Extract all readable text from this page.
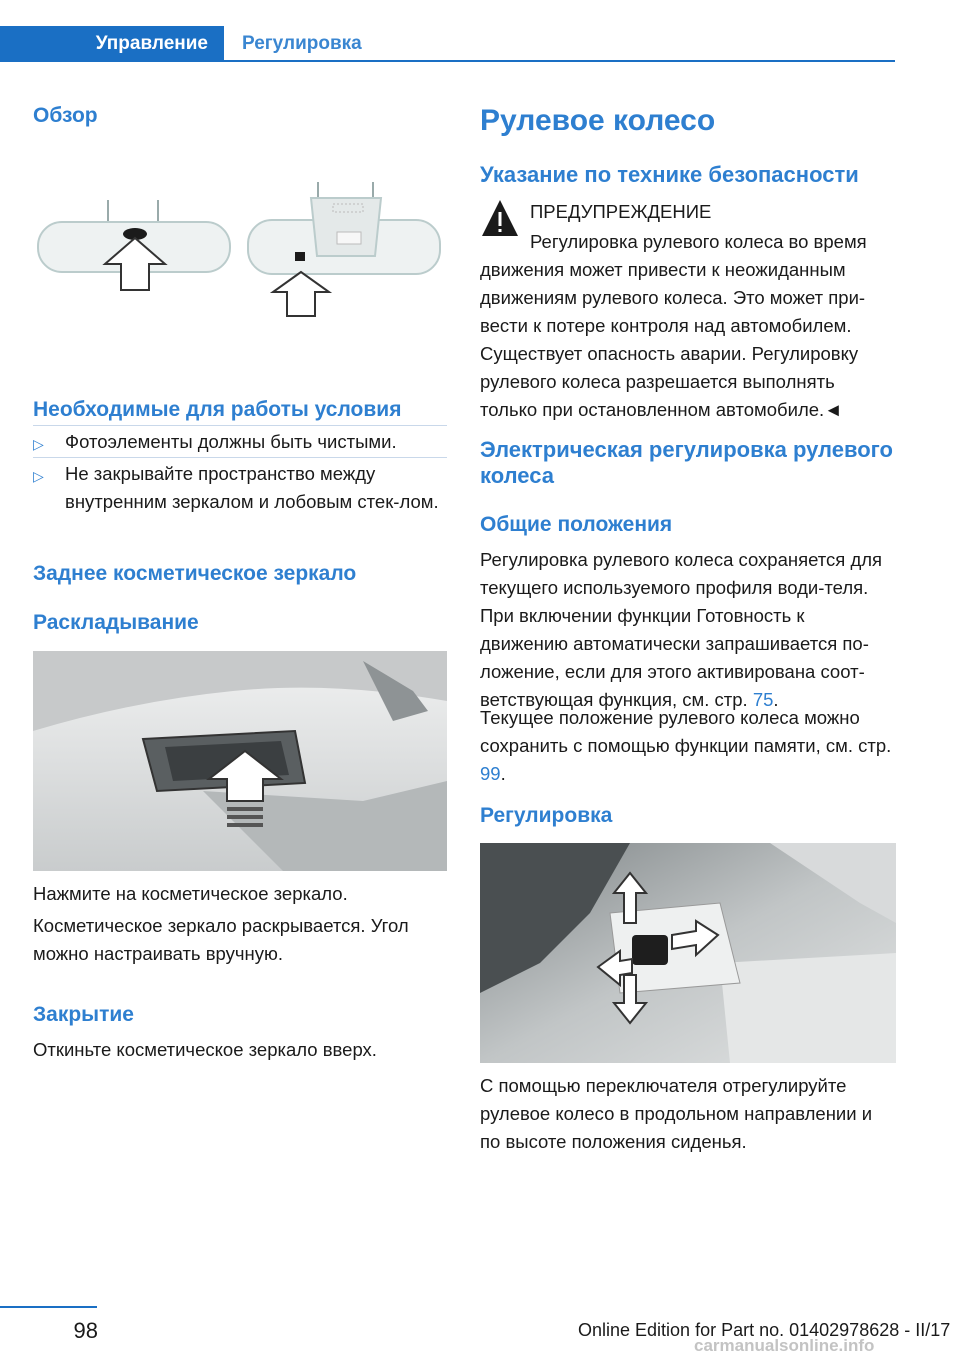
Управление Регулировка
Обзор
Необходимые для работы условия
▷ Фотоэлементы должны быть чистыми.
▷ Не закрывайте пространство между внутренним зеркалом и лобовым стек-лом.
Заднее косметическое зеркало
Раскладывание
Нажмите на косметическое зеркало.
Косметическое зеркало раскрывается. Угол можно настраивать вручную.
Закрытие
Откиньте косметическое зеркало вверх.
Рулевое колесо
Указание по технике безопасности
ПРЕДУПРЕЖДЕНИЕ
Регулировка рулевого колеса во время
движения может привести к неожиданным движениям рулевого колеса. Это может при-вести к потере контроля над автомобилем. Существует опасность аварии. Регулировку рулевого колеса разрешается выполнять только при остановленном автомобиле.◄
Электрическая регулировка рулевого колеса
Общие положения
Регулировка рулевого колеса сохраняется для текущего используемого профиля води-теля. При включении функции Готовность к движению автоматически запрашивается по-ложение, если для этого активирована соот-ветствующая функция, см. стр. 75.
Текущее положение рулевого колеса можно сохранить с помощью функции памяти, см. стр. 99.
Регулировка
С помощью переключателя отрегулируйте рулевое колесо в продольном направлении и по высоте положения сиденья.
98	Online Edition for Part no. 01402978628 - II/17
carmanualsonline.info
